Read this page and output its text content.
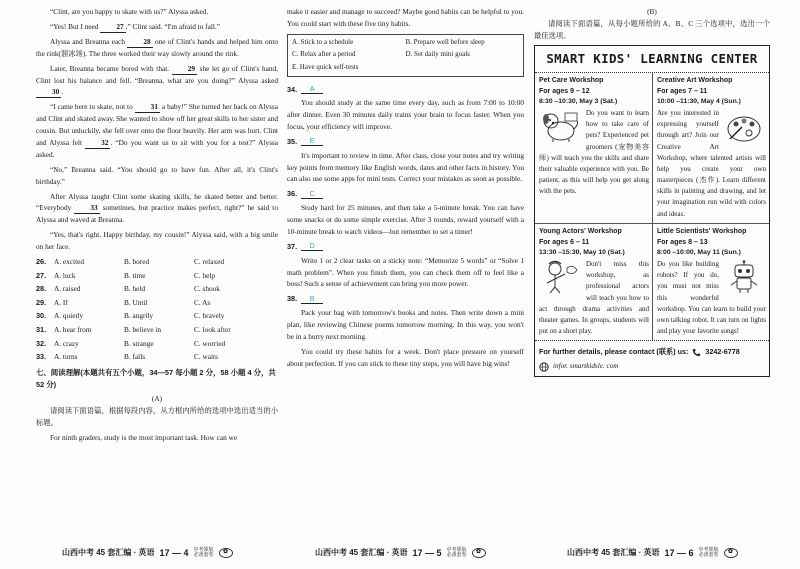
“Clint, are you happy to skate with us?” Alyssa asked.

“Yes! But I need 27 ,” Clint said. “I'm afraid to fall.”

Alyssa and Breanna each 28 one of Clint's hands and helped him onto the rink(溜冰场). The three worked their way slowly around the rink.

Later, Breanna became bored with that. 29 she let go of Clint's hand, Clint lost his balance and fell. “Breanna, what are you doing?” Alyssa asked 30 .

“I came here to skate, not to 31 a baby!” She turned her back on Alyssa and Clint and skated away. She wanted to show off her great skills to her sister and cousin. But unluckily, she fell over onto the floor heavily. Her arm was hurt. Clint and Alyssa felt 32 . “Do you want us to sit with you for a test?” Alyssa asked.

“No,” Breanna said. “You should go to have fun. After all, it's Clint's birthday.”

After Alyssa taught Clint some skating skills, he skated better and better. “Everybody 33 sometimes, but practice makes perfect, right?” he said to Alyssa and waved at Breanna.

“Yes, that's right. Happy birthday, my cousin!” Alyssa said, with a big smile on her face.

26.	A. excited	B. bored	C. relaxed
27.	A. luck	B. time	C. help
28.	A. raised	B. held	C. shook
29.	A. If	B. Until	C. As
30.	A. quietly	B. angrily	C. bravely
31.	A. hear from	B. believe in	C. look after
32.	A. crazy	B. strange	C. worried
33.	A. turns	B. falls	C. waits
七、阅读理解(本题共有五个小题，34—57 每小题 2 分，58 小题 4 分，共 52 分)
(A)

请阅读下面语篇，根据每段内容，从方框内所给的选项中选出适当的小标题。

For ninth graders, study is the most important task. How can we

make it easier and manage to succeed? Maybe good habits can be helpful to you. You could start with these five tiny habits.

A. Stick to a schedule	B. Prepare well before sleep
C. Relax after a period	D. Set daily mini goals
E. Have quick self-tests
34.	A

You should study at the same time every day, such as from 7:00 to 10:00 after dinner. Even 30 minutes daily trains your brain to focus faster. When you focus, your efficiency will improve.

35.	E

It's important to review in time. After class, close your notes and try writing key points from memory like English words, dates and other facts in history. You can also use some apps for mini tests. Correct your mistakes as soon as possible.

36.	C

Study hard for 25 minutes, and then take a 5-minute break. You can have some snacks or do some simple exercise. After 3 rounds, reward yourself with a 10-minute break to watch videos—but remember to set a timer!

37.	D

Write 1 or 2 clear tasks on a sticky note: “Memorize 5 words” or “Solve 1 math problem”. When you finish them, you can check them off to feel like a boss! Such a sense of achievement can bring you more power.

38.	B

Pack your bag with tomorrow's books and notes. Then write down a mini plan, like reviewing Chinese poems tomorrow morning. In this way, you won't be in a hurry next morning.

You could try these habits for a week. Don't place pressure on yourself about perfection. If you can stick to these tiny steps, you will have big wins!

(B)

请阅读下面语篇，从每小题所给的 A、B、C 三个选项中，选出一个最佳选项。

SMART KIDS' LEARNING CENTER
Pet Care Workshop
For ages 9 – 12
8:30 –10:30, May 3 (Sat.)

Do you want to learn how to take care of pets? Experienced pet groomers (宠物美容师) will teach you the skills and share their valuable experience with you. Be patient, as this will help you get along with the pets.

Creative Art Workshop
For ages 7 – 11
10:00 –11:30, May 4 (Sun.)

Are you interested in expressing yourself through art? Join our Creative Art Workshop, where talented artists will help you create your own masterpieces (杰作). Learn different skills in painting and drawing, and let your imagination run wild with colors and ideas.

Young Actors' Workshop
For ages 6 – 11
13:30 –15:30, May 10 (Sat.)

Don't miss this workshop, as professional actors will teach you how to act through drama activities and theater games. In groups, students will put on a short play.

Little Scientists' Workshop
For ages 8 – 13
8:00 –10:00, May 11 (Sun.)

Do you like building robots? If you do, you must not miss this wonderful workshop. You can learn to build your own talking robot. It can turn on lights and play your favorite songs!

For further details, please contact (联系) us: 3242-6778
infor. smartkidsle. com
山西中考 45 套汇编 · 英语 17 — 4 中考领航
必备套卷	✿	山西中考 45 套汇编 · 英语 17 — 5 中考领航
必备套卷	✿	山西中考 45 套汇编 · 英语 17 — 6 中考领航
必备套卷	✿
